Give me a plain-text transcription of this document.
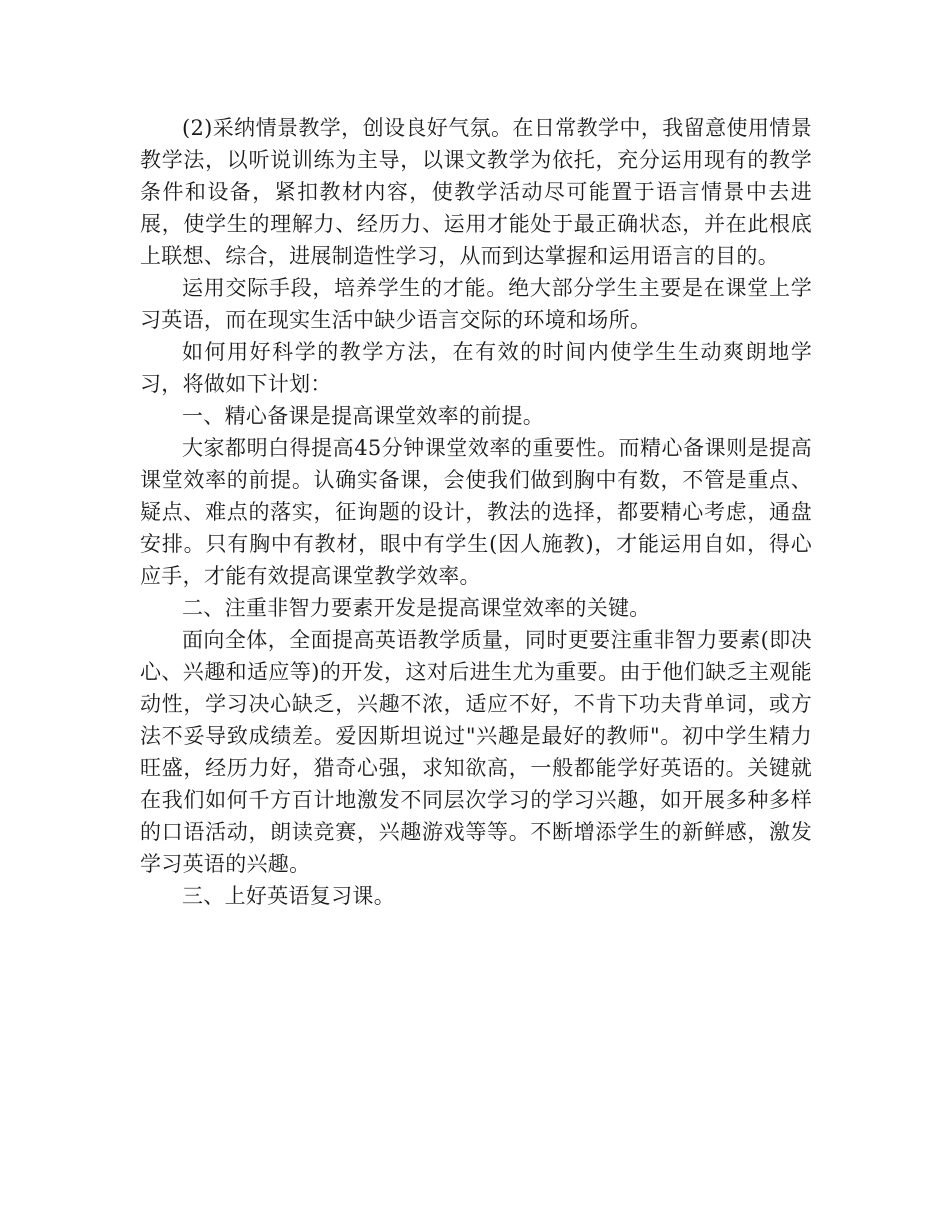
(2)采纳情景教学，创设良好气氛。在日常教学中，我留意使用情景教学法，以听说训练为主导，以课文教学为依托，充分运用现有的教学条件和设备，紧扣教材内容，使教学活动尽可能置于语言情景中去进展，使学生的理解力、经历力、运用才能处于最正确状态，并在此根底上联想、综合，进展制造性学习，从而到达掌握和运用语言的目的。

运用交际手段，培养学生的才能。绝大部分学生主要是在课堂上学习英语，而在现实生活中缺少语言交际的环境和场所。

如何用好科学的教学方法，在有效的时间内使学生生动爽朗地学习，将做如下计划：

一、精心备课是提高课堂效率的前提。

大家都明白得提高45分钟课堂效率的重要性。而精心备课则是提高课堂效率的前提。认确实备课，会使我们做到胸中有数，不管是重点、疑点、难点的落实，征询题的设计，教法的选择，都要精心考虑，通盘安排。只有胸中有教材，眼中有学生(因人施教)，才能运用自如，得心应手，才能有效提高课堂教学效率。

二、注重非智力要素开发是提高课堂效率的关键。

面向全体，全面提高英语教学质量，同时更要注重非智力要素(即决心、兴趣和适应等)的开发，这对后进生尤为重要。由于他们缺乏主观能动性，学习决心缺乏，兴趣不浓，适应不好，不肯下功夫背单词，或方法不妥导致成绩差。爱因斯坦说过"兴趣是最好的教师"。初中学生精力旺盛，经历力好，猎奇心强，求知欲高，一般都能学好英语的。关键就在我们如何千方百计地激发不同层次学习的学习兴趣，如开展多种多样的口语活动，朗读竞赛，兴趣游戏等等。不断增添学生的新鲜感，激发学习英语的兴趣。

三、上好英语复习课。
